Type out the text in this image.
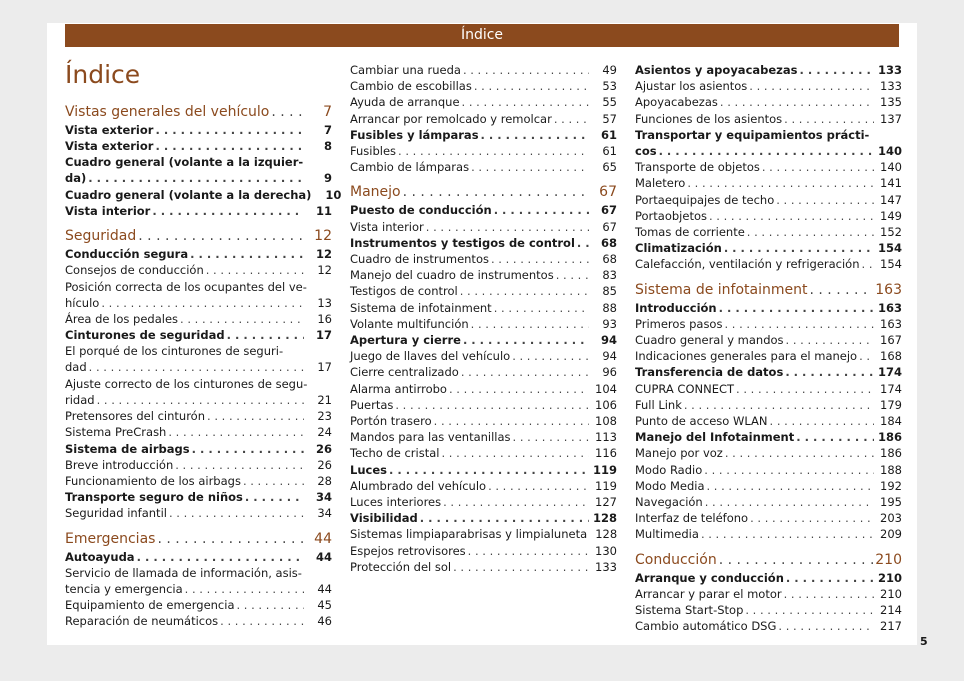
Índice
Índice
Vistas generales del vehículo . . .	7
Vista exterior . . .	7
Vista exterior . . .	8
Cuadro general (volante a la izquier-
da) . . .	9
Cuadro general (volante a la derecha)	10
Vista interior . . .	11
Seguridad . . .	12
Conducción segura . . .	12
Consejos de conducción . . .	12
Posición correcta de los ocupantes del ve-
hículo . . .	13
Área de los pedales . . .	16
Cinturones de seguridad . . .	17
El porqué de los cinturones de seguri-
dad . . .	17
Ajuste correcto de los cinturones de segu-
ridad . . .	21
Pretensores del cinturón . . .	23
Sistema PreCrash . . .	24
Sistema de airbags . . .	26
Breve introducción . . .	26
Funcionamiento de los airbags . . .	28
Transporte seguro de niños . . .	34
Seguridad infantil . . .	34
Emergencias . . .	44
Autoayuda . . .	44
Servicio de llamada de información, asis-
tencia y emergencia . . .	44
Equipamiento de emergencia . . .	45
Reparación de neumáticos . . .	46
Cambiar una rueda . . .	49
Cambio de escobillas . . .	53
Ayuda de arranque . . .	55
Arrancar por remolcado y remolcar . . .	57
Fusibles y lámparas . . .	61
Fusibles . . .	61
Cambio de lámparas . . .	65
Manejo . . .	67
Puesto de conducción . . .	67
Vista interior . . .	67
Instrumentos y testigos de control . . .	68
Cuadro de instrumentos . . .	68
Manejo del cuadro de instrumentos . . .	83
Testigos de control . . .	85
Sistema de infotainment . . .	88
Volante multifunción . . .	93
Apertura y cierre . . .	94
Juego de llaves del vehículo . . .	94
Cierre centralizado . . .	96
Alarma antirrobo . . .	104
Puertas . . .	106
Portón trasero . . .	108
Mandos para las ventanillas . . .	113
Techo de cristal . . .	116
Luces . . .	119
Alumbrado del vehículo . . .	119
Luces interiores . . .	127
Visibilidad . . .	128
Sistemas limpiaparabrisas y limpialuneta 128
Espejos retrovisores . . .	130
Protección del sol . . .	133
Asientos y apoyacabezas . . .	133
Ajustar los asientos . . .	133
Apoyacabezas . . .	135
Funciones de los asientos . . .	137
Transportar y equipamientos prácti-
cos . . .	140
Transporte de objetos . . .	140
Maletero . . .	141
Portaequipajes de techo . . .	147
Portaobjetos . . .	149
Tomas de corriente . . .	152
Climatización . . .	154
Calefacción, ventilación y refrigeración . . .	154
Sistema de infotainment . . .	163
Introducción . . .	163
Primeros pasos . . .	163
Cuadro general y mandos . . .	167
Indicaciones generales para el manejo . . .	168
Transferencia de datos . . .	174
CUPRA CONNECT . . .	174
Full Link . . .	179
Punto de acceso WLAN . . .	184
Manejo del Infotainment . . .	186
Manejo por voz . . .	186
Modo Radio . . .	188
Modo Media . . .	192
Navegación . . .	195
Interfaz de teléfono . . .	203
Multimedia . . .	209
Conducción . . .	210
Arranque y conducción . . .	210
Arrancar y parar el motor . . .	210
Sistema Start-Stop . . .	214
Cambio automático DSG . . .	217
5
